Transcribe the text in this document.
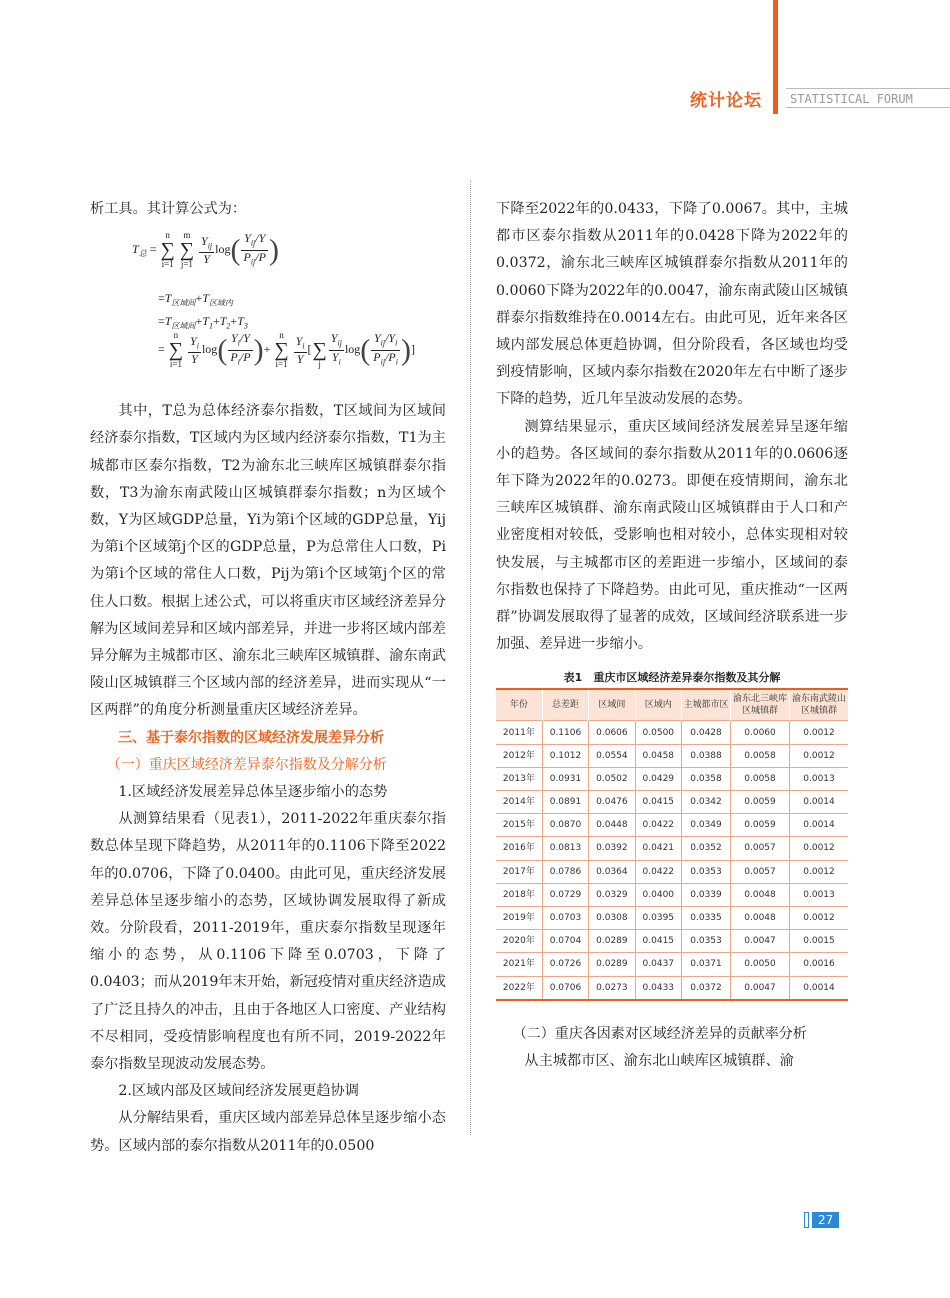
统计论坛	STATISTICAL FORUM

析工具。其计算公式为：

$T_总 = n$
∑
i=1 m
∑
$j=1 \frac{Y_{ij}}{Y} \log( \frac{Y_{ij}/Y}{P_{ij}/P}$ )
$=T_{区域间}+T_{区域内}$
$=T_{区域间}+T_1+T_2+T_3$
= n
∑
$i=1 \frac{Y_i}{Y} \log( \frac{Y_i/Y}{P_i/P}$ )+ n
∑
$i=1 \frac{Y_i}{Y}$ [ ∑
j $\frac{Y_{ij}}{Y_i} \log( \frac{Y_{ij}/Y_i}{P_{ij}/P_i}$ )]

其中，T总为总体经济泰尔指数，T区域间为区域间经济泰尔指数，T区域内为区域内经济泰尔指数，T1为主城都市区泰尔指数，T2为渝东北三峡库区城镇群泰尔指数，T3为渝东南武陵山区城镇群泰尔指数；n为区域个数，Y为区域GDP总量，Yi为第i个区域的GDP总量，Yij为第i个区域第j个区的GDP总量，P为总常住人口数，Pi为第i个区域的常住人口数，Pij为第i个区域第j个区的常住人口数。根据上述公式，可以将重庆市区域经济差异分解为区域间差异和区域内部差异，并进一步将区域内部差异分解为主城都市区、渝东北三峡库区城镇群、渝东南武陵山区城镇群三个区域内部的经济差异，进而实现从“一区两群”的角度分析测量重庆区域经济差异。

三、基于泰尔指数的区域经济发展差异分析

（一）重庆区域经济差异泰尔指数及分解分析

1.区域经济发展差异总体呈逐步缩小的态势

从测算结果看（见表1），2011-2022年重庆泰尔指数总体呈现下降趋势，从2011年的0.1106下降至2022年的0.0706，下降了0.0400。由此可见，重庆经济发展差异总体呈逐步缩小的态势，区域协调发展取得了新成效。分阶段看，2011-2019年，重庆泰尔指数呈现逐年缩小的态势，从0.1106下降至0.0703，下降了0.0403；而从2019年末开始，新冠疫情对重庆经济造成了广泛且持久的冲击，且由于各地区人口密度、产业结构不尽相同，受疫情影响程度也有所不同，2019-2022年泰尔指数呈现波动发展态势。

2.区域内部及区域间经济发展更趋协调

从分解结果看，重庆区域内部差异总体呈逐步缩小态势。区域内部的泰尔指数从2011年的0.0500

下降至2022年的0.0433，下降了0.0067。其中，主城都市区泰尔指数从2011年的0.0428下降为2022年的0.0372，渝东北三峡库区城镇群泰尔指数从2011年的0.0060下降为2022年的0.0047，渝东南武陵山区城镇群泰尔指数维持在0.0014左右。由此可见，近年来各区域内部发展总体更趋协调，但分阶段看，各区域也均受到疫情影响，区域内泰尔指数在2020年左右中断了逐步下降的趋势，近几年呈波动发展的态势。

测算结果显示，重庆区域间经济发展差异呈逐年缩小的趋势。各区域间的泰尔指数从2011年的0.0606逐年下降为2022年的0.0273。即便在疫情期间，渝东北三峡库区城镇群、渝东南武陵山区城镇群由于人口和产业密度相对较低，受影响也相对较小，总体实现相对较快发展，与主城都市区的差距进一步缩小，区域间的泰尔指数也保持了下降趋势。由此可见，重庆推动“一区两群”协调发展取得了显著的成效，区域间经济联系进一步加强、差异进一步缩小。

表1　重庆市区域经济差异泰尔指数及其分解
年份	总差距	区域间	区域内	主城都市区	渝东北三峡库区城镇群	渝东南武陵山区城镇群
2011年	0.1106	0.0606	0.0500	0.0428	0.0060	0.0012
2012年	0.1012	0.0554	0.0458	0.0388	0.0058	0.0012
2013年	0.0931	0.0502	0.0429	0.0358	0.0058	0.0013
2014年	0.0891	0.0476	0.0415	0.0342	0.0059	0.0014
2015年	0.0870	0.0448	0.0422	0.0349	0.0059	0.0014
2016年	0.0813	0.0392	0.0421	0.0352	0.0057	0.0012
2017年	0.0786	0.0364	0.0422	0.0353	0.0057	0.0012
2018年	0.0729	0.0329	0.0400	0.0339	0.0048	0.0013
2019年	0.0703	0.0308	0.0395	0.0335	0.0048	0.0012
2020年	0.0704	0.0289	0.0415	0.0353	0.0047	0.0015
2021年	0.0726	0.0289	0.0437	0.0371	0.0050	0.0016
2022年	0.0706	0.0273	0.0433	0.0372	0.0047	0.0014

（二）重庆各因素对区域经济差异的贡献率分析

从主城都市区、渝东北山峡库区城镇群、渝

27
